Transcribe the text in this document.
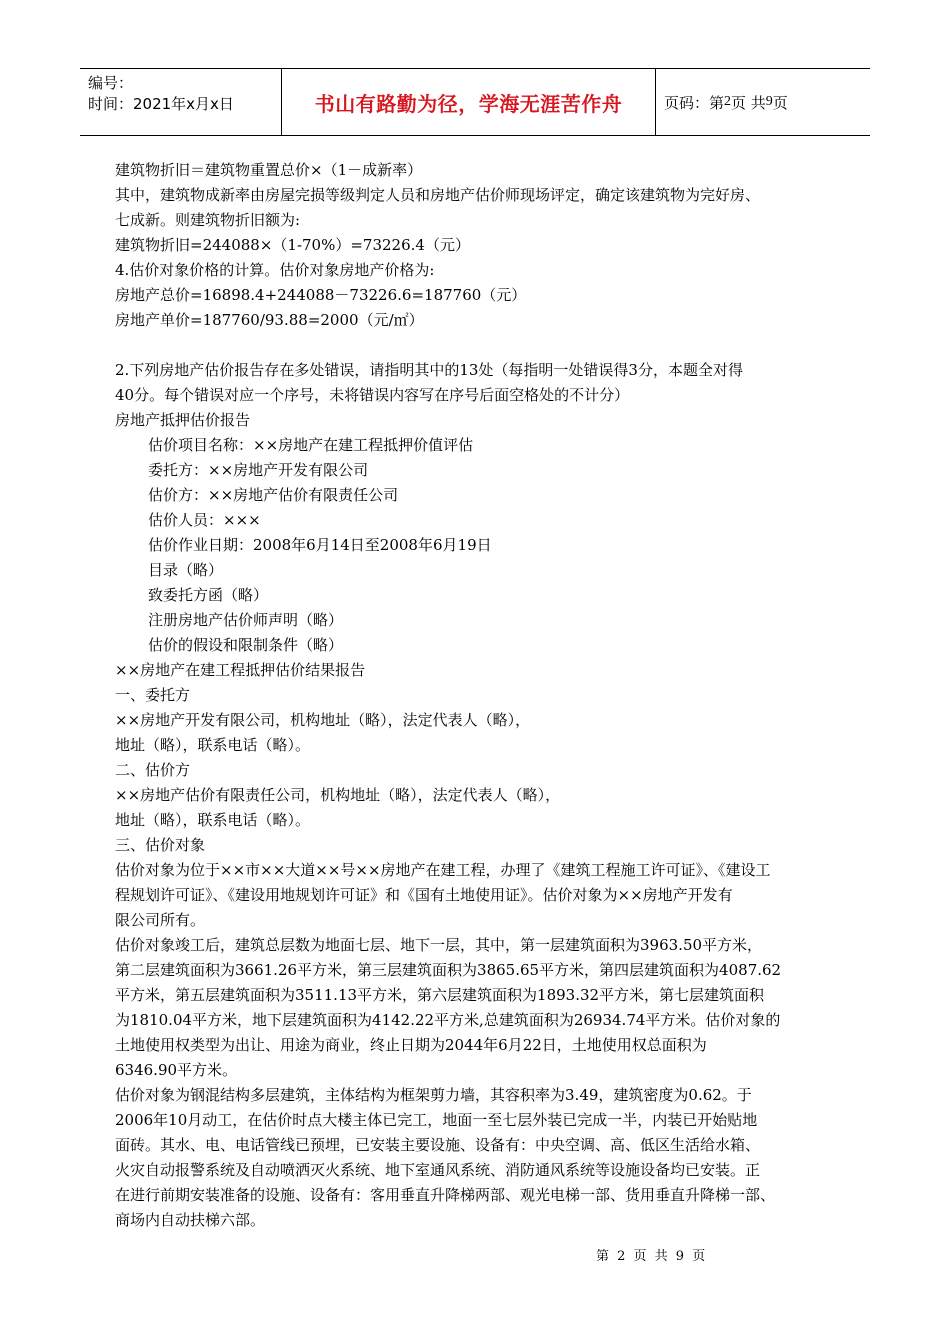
编号：
时间：2021年x月x日	书山有路勤为径，学海无涯苦作舟	页码：第 2 页 共 9 页

建筑物折旧＝建筑物重置总价×（1－成新率）

其中，建筑物成新率由房屋完损等级判定人员和房地产估价师现场评定，确定该建筑物为完好房、

七成新。则建筑物折旧额为:

建筑物折旧=244088×（1-70%）=73226.4（元）

4.估价对象价格的计算。估价对象房地产价格为:

房地产总价=16898.4+244088－73226.6=187760（元）

房地产单价=187760/93.88=2000（元/㎡）

2.下列房地产估价报告存在多处错误，请指明其中的13处（每指明一处错误得3分，本题全对得

40分。每个错误对应一个序号，未将错误内容写在序号后面空格处的不计分）

房地产抵押估价报告

估价项目名称：××房地产在建工程抵押价值评估

委托方：××房地产开发有限公司

估价方：××房地产估价有限责任公司

估价人员：×××

估价作业日期：2008年6月14日至2008年6月19日

目录（略）

致委托方函（略）

注册房地产估价师声明（略）

估价的假设和限制条件（略）

××房地产在建工程抵押估价结果报告

一、委托方

××房地产开发有限公司，机构地址（略），法定代表人（略），

地址（略），联系电话（略）。

二、估价方

××房地产估价有限责任公司，机构地址（略），法定代表人（略），

地址（略），联系电话（略）。

三、估价对象

估价对象为位于××市××大道××号××房地产在建工程，办理了《建筑工程施工许可证》、《建设工

程规划许可证》、《建设用地规划许可证》和《国有土地使用证》。估价对象为××房地产开发有

限公司所有。

估价对象竣工后，建筑总层数为地面七层、地下一层，其中，第一层建筑面积为3963.50平方米，

第二层建筑面积为3661.26平方米，第三层建筑面积为3865.65平方米，第四层建筑面积为4087.62

平方米，第五层建筑面积为3511.13平方米，第六层建筑面积为1893.32平方米，第七层建筑面积

为1810.04平方米，地下层建筑面积为4142.22平方米,总建筑面积为26934.74平方米。估价对象的

土地使用权类型为出让、用途为商业，终止日期为2044年6月22日，土地使用权总面积为

6346.90平方米。

估价对象为钢混结构多层建筑，主体结构为框架剪力墙，其容积率为3.49，建筑密度为0.62。于

2006年10月动工，在估价时点大楼主体已完工，地面一至七层外装已完成一半，内装已开始贴地

面砖。其水、电、电话管线已预埋，已安装主要设施、设备有：中央空调、高、低区生活给水箱、

火灾自动报警系统及自动喷洒灭火系统、地下室通风系统、消防通风系统等设施设备均已安装。正

在进行前期安装准备的设施、设备有：客用垂直升降梯两部、观光电梯一部、货用垂直升降梯一部、

商场内自动扶梯六部。

第 2 页 共 9 页
